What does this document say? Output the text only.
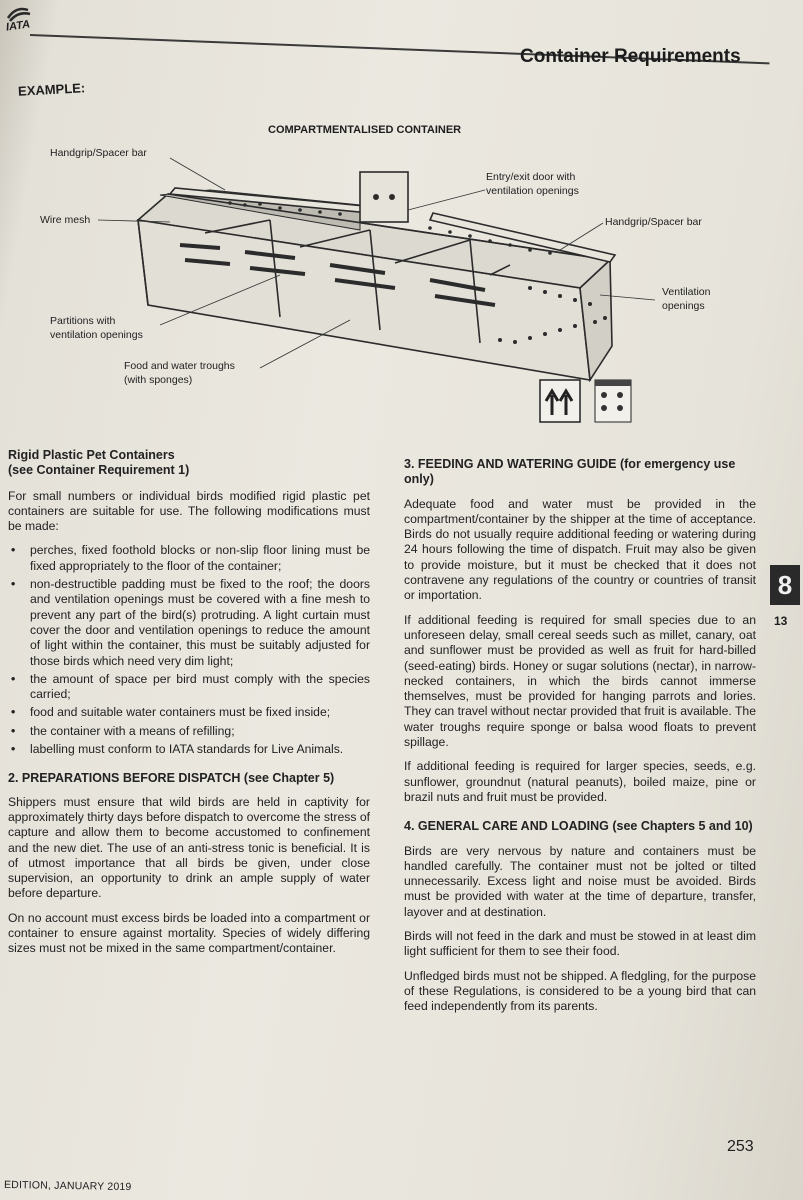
IATA
Container Requirements
EXAMPLE:
COMPARTMENTALISED CONTAINER
Handgrip/Spacer bar
Wire mesh
Entry/exit door with
ventilation openings
Handgrip/Spacer bar
Ventilation
openings
Partitions with
ventilation openings
Food and water troughs
(with sponges)
Rigid Plastic Pet Containers
(see Container Requirement 1)

For small numbers or individual birds modified rigid plastic pet containers are suitable for use. The following modifications must be made:

• perches, fixed foothold blocks or non-slip floor lining must be fixed appropriately to the floor of the container;
• non-destructible padding must be fixed to the roof; the doors and ventilation openings must be covered with a fine mesh to prevent any part of the bird(s) protruding. A light curtain must cover the door and ventilation openings to reduce the amount of light within the container, this must be suitably adjusted for those birds which need very dim light;
• the amount of space per bird must comply with the species carried;
• food and suitable water containers must be fixed inside;
• the container with a means of refilling;
• labelling must conform to IATA standards for Live Animals.
2. PREPARATIONS BEFORE DISPATCH (see Chapter 5)

Shippers must ensure that wild birds are held in captivity for approximately thirty days before dispatch to overcome the stress of capture and allow them to become accustomed to confinement and the new diet. The use of an anti-stress tonic is beneficial. It is of utmost importance that all birds be given, under close supervision, an opportunity to drink an ample supply of water before departure.

On no account must excess birds be loaded into a compartment or container to ensure against mortality. Species of widely differing sizes must not be mixed in the same compartment/container.

3. FEEDING AND WATERING GUIDE (for emergency use only)

Adequate food and water must be provided in the compartment/container by the shipper at the time of acceptance. Birds do not usually require additional feeding or watering during 24 hours following the time of dispatch. Fruit may also be given to provide moisture, but it must be checked that it does not contravene any regulations of the country or countries of transit or importation.

If additional feeding is required for small species due to an unforeseen delay, small cereal seeds such as millet, canary, oat and sunflower must be provided as well as fruit for hard-billed (seed-eating) birds. Honey or sugar solutions (nectar), in narrow-necked containers, in which the birds cannot immerse themselves, must be provided for hanging parrots and lories. They can travel without nectar provided that fruit is available. The water troughs require sponge or balsa wood floats to prevent spillage.

If additional feeding is required for larger species, seeds, e.g. sunflower, groundnut (natural peanuts), boiled maize, pine or brazil nuts and fruit must be provided.

4. GENERAL CARE AND LOADING (see Chapters 5 and 10)

Birds are very nervous by nature and containers must be handled carefully. The container must not be jolted or tilted unnecessarily. Excess light and noise must be avoided. Birds must be provided with water at the time of departure, transfer, layover and at destination.

Birds will not feed in the dark and must be stowed in at least dim light sufficient for them to see their food.

Unfledged birds must not be shipped. A fledgling, for the purpose of these Regulations, is considered to be a young bird that can feed independently from its parents.

8
13
253
EDITION, JANUARY 2019
